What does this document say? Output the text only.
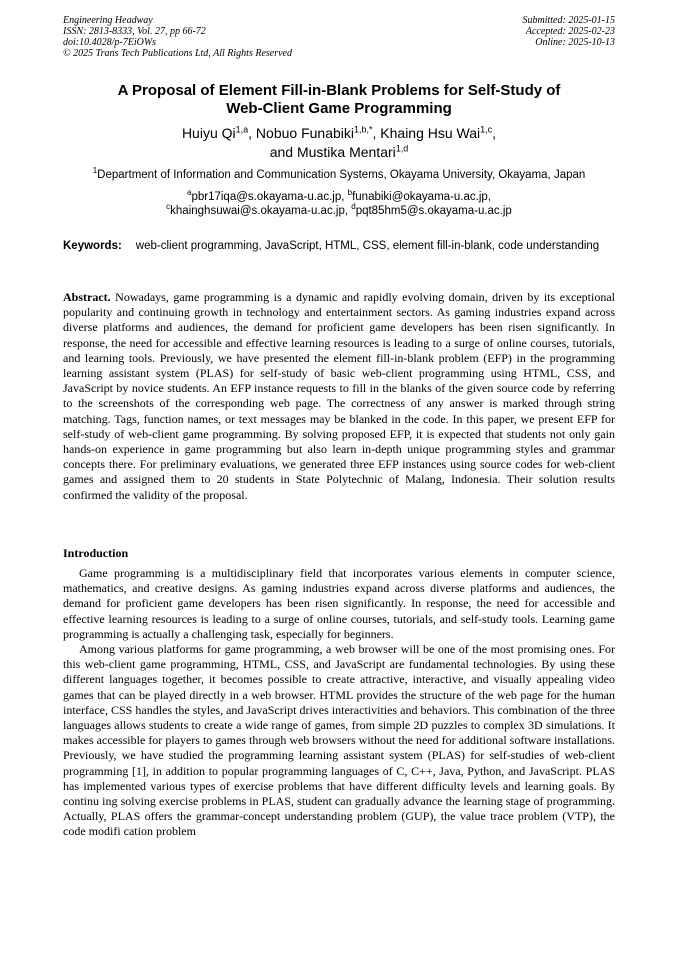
Engineering Headway
ISSN: 2813-8333, Vol. 27, pp 66-72
doi:10.4028/p-7EiOWs
© 2025 Trans Tech Publications Ltd, All Rights Reserved
Submitted: 2025-01-15
Accepted: 2025-02-23
Online: 2025-10-13
A Proposal of Element Fill-in-Blank Problems for Self-Study of
Web-Client Game Programming
Huiyu Qi$^{1,a}$, Nobuo Funabiki$^{1,b,*}$, Khaing Hsu Wai$^{1,c}$,
and Mustika Mentari$^{1,d}$
$^1$Department of Information and Communication Systems, Okayama University, Okayama, Japan
$^a$pbr17iqa@s.okayama-u.ac.jp, $^b$funabiki@okayama-u.ac.jp,
$^c$khainghsuwai@s.okayama-u.ac.jp, $^d$pqt85hm5@s.okayama-u.ac.jp
Keywords: web-client programming, JavaScript, HTML, CSS, element fill-in-blank, code understanding
Abstract. Nowadays, game programming is a dynamic and rapidly evolving domain, driven by its exceptional popularity and continuing growth in technology and entertainment sectors. As gaming industries expand across diverse platforms and audiences, the demand for proficient game developers has been risen significantly. In response, the need for accessible and effective learning resources is leading to a surge of online courses, tutorials, and learning tools. Previously, we have presented the element fill-in-blank problem (EFP) in the programming learning assistant system (PLAS) for self-study of basic web-client programming using HTML, CSS, and JavaScript by novice students. An EFP instance requests to fill in the blanks of the given source code by referring to the screenshots of the corresponding web page. The correctness of any answer is marked through string matching. Tags, function names, or text messages may be blanked in the code. In this paper, we present EFP for self-study of web-client game programming. By solving proposed EFP, it is expected that students not only gain hands-on experience in game programming but also learn in-depth unique programming styles and grammar concepts there. For preliminary evaluations, we generated three EFP instances using source codes for web-client games and assigned them to 20 students in State Polytechnic of Malang, Indonesia. Their solution results confirmed the validity of the proposal.
Introduction

Game programming is a multidisciplinary field that incorporates various elements in computer science, mathematics, and creative designs. As gaming industries expand across diverse platforms and audiences, the demand for proficient game developers has been risen significantly. In response, the need for accessible and effective learning resources is leading to a surge of online courses, tutorials, and self-study tools. Learning game programming is actually a challenging task, especially for beginners.

Among various platforms for game programming, a web browser will be one of the most promising ones. For this web-client game programming, HTML, CSS, and JavaScript are fundamental technologies. By using these different languages together, it becomes possible to create attractive, interactive, and visually appealing video games that can be played directly in a web browser. HTML provides the structure of the web page for the human interface, CSS handles the styles, and JavaScript drives interactivities and behaviors. This combination of the three languages allows students to create a wide range of games, from simple 2D puzzles to complex 3D simulations. It makes accessible for players to games through web browsers without the need for additional software installations. Previously, we have studied the programming learning assistant system (PLAS) for self-studies of web-client programming [1], in addition to popular programming languages of C, C++, Java, Python, and JavaScript. PLAS has implemented various types of exercise problems that have different difficulty levels and learning goals. By continu ing solving exercise problems in PLAS, student can gradually advance the learning stage of programming. Actually, PLAS offers the grammar-concept understanding problem (GUP), the value trace problem (VTP), the code modifi cation problem
